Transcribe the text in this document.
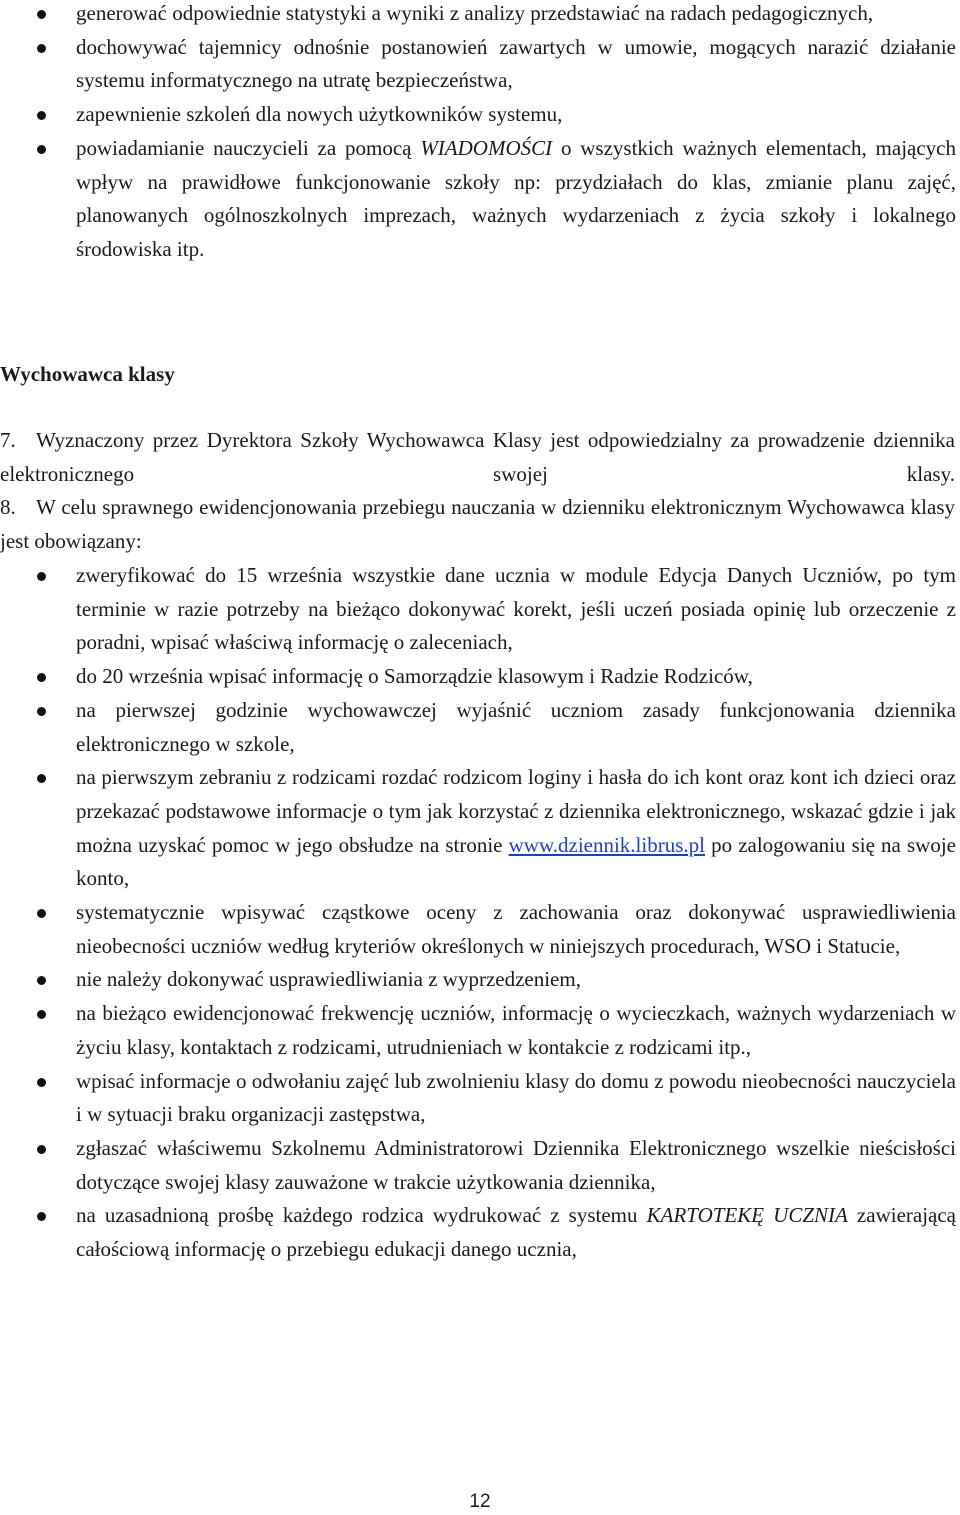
generować odpowiednie statystyki a wyniki z analizy przedstawiać na radach pedagogicznych,
dochowywać tajemnicy odnośnie postanowień zawartych w umowie, mogących narazić działanie systemu informatycznego na utratę bezpieczeństwa,
zapewnienie szkoleń dla nowych użytkowników systemu,
powiadamianie nauczycieli za pomocą WIADOMOŚCI o wszystkich ważnych elementach, mających wpływ na prawidłowe funkcjonowanie szkoły np: przydziałach do klas, zmianie planu zajęć, planowanych ogólnoszkolnych imprezach, ważnych wydarzeniach z życia szkoły i lokalnego środowiska itp.
Wychowawca klasy
7. Wyznaczony przez Dyrektora Szkoły Wychowawca Klasy jest odpowiedzialny za prowadzenie dziennika elektronicznego swojej klasy.
8. W celu sprawnego ewidencjonowania przebiegu nauczania w dzienniku elektronicznym Wychowawca klasy jest obowiązany:
zweryfikować do 15 września wszystkie dane ucznia w module Edycja Danych Uczniów, po tym terminie w razie potrzeby na bieżąco dokonywać korekt, jeśli uczeń posiada opinię lub orzeczenie z poradni, wpisać właściwą informację o zaleceniach,
do 20 września wpisać informację o Samorządzie klasowym i Radzie Rodziców,
na pierwszej godzinie wychowawczej wyjaśnić uczniom zasady funkcjonowania dziennika elektronicznego w szkole,
na pierwszym zebraniu z rodzicami rozdać rodzicom loginy i hasła do ich kont oraz kont ich dzieci oraz przekazać podstawowe informacje o tym jak korzystać z dziennika elektronicznego, wskazać gdzie i jak można uzyskać pomoc w jego obsłudze na stronie www.dziennik.librus.pl po zalogowaniu się na swoje konto,
systematycznie wpisywać cząstkowe oceny z zachowania oraz dokonywać usprawiedliwienia nieobecności uczniów według kryteriów określonych w niniejszych procedurach, WSO i Statucie,
nie należy dokonywać usprawiedliwiania z wyprzedzeniem,
na bieżąco ewidencjonować frekwencję uczniów, informację o wycieczkach, ważnych wydarzeniach w życiu klasy, kontaktach z rodzicami, utrudnieniach w kontakcie z rodzicami itp.,
wpisać informacje o odwołaniu zajęć lub zwolnieniu klasy do domu z powodu nieobecności nauczyciela i w sytuacji braku organizacji zastępstwa,
zgłaszać właściwemu Szkolnemu Administratorowi Dziennika Elektronicznego wszelkie nieścisłości dotyczące swojej klasy zauważone w trakcie użytkowania dziennika,
na uzasadnioną prośbę każdego rodzica wydrukować z systemu KARTOTEKĘ UCZNIA zawierającą całościową informację o przebiegu edukacji danego ucznia,
12
